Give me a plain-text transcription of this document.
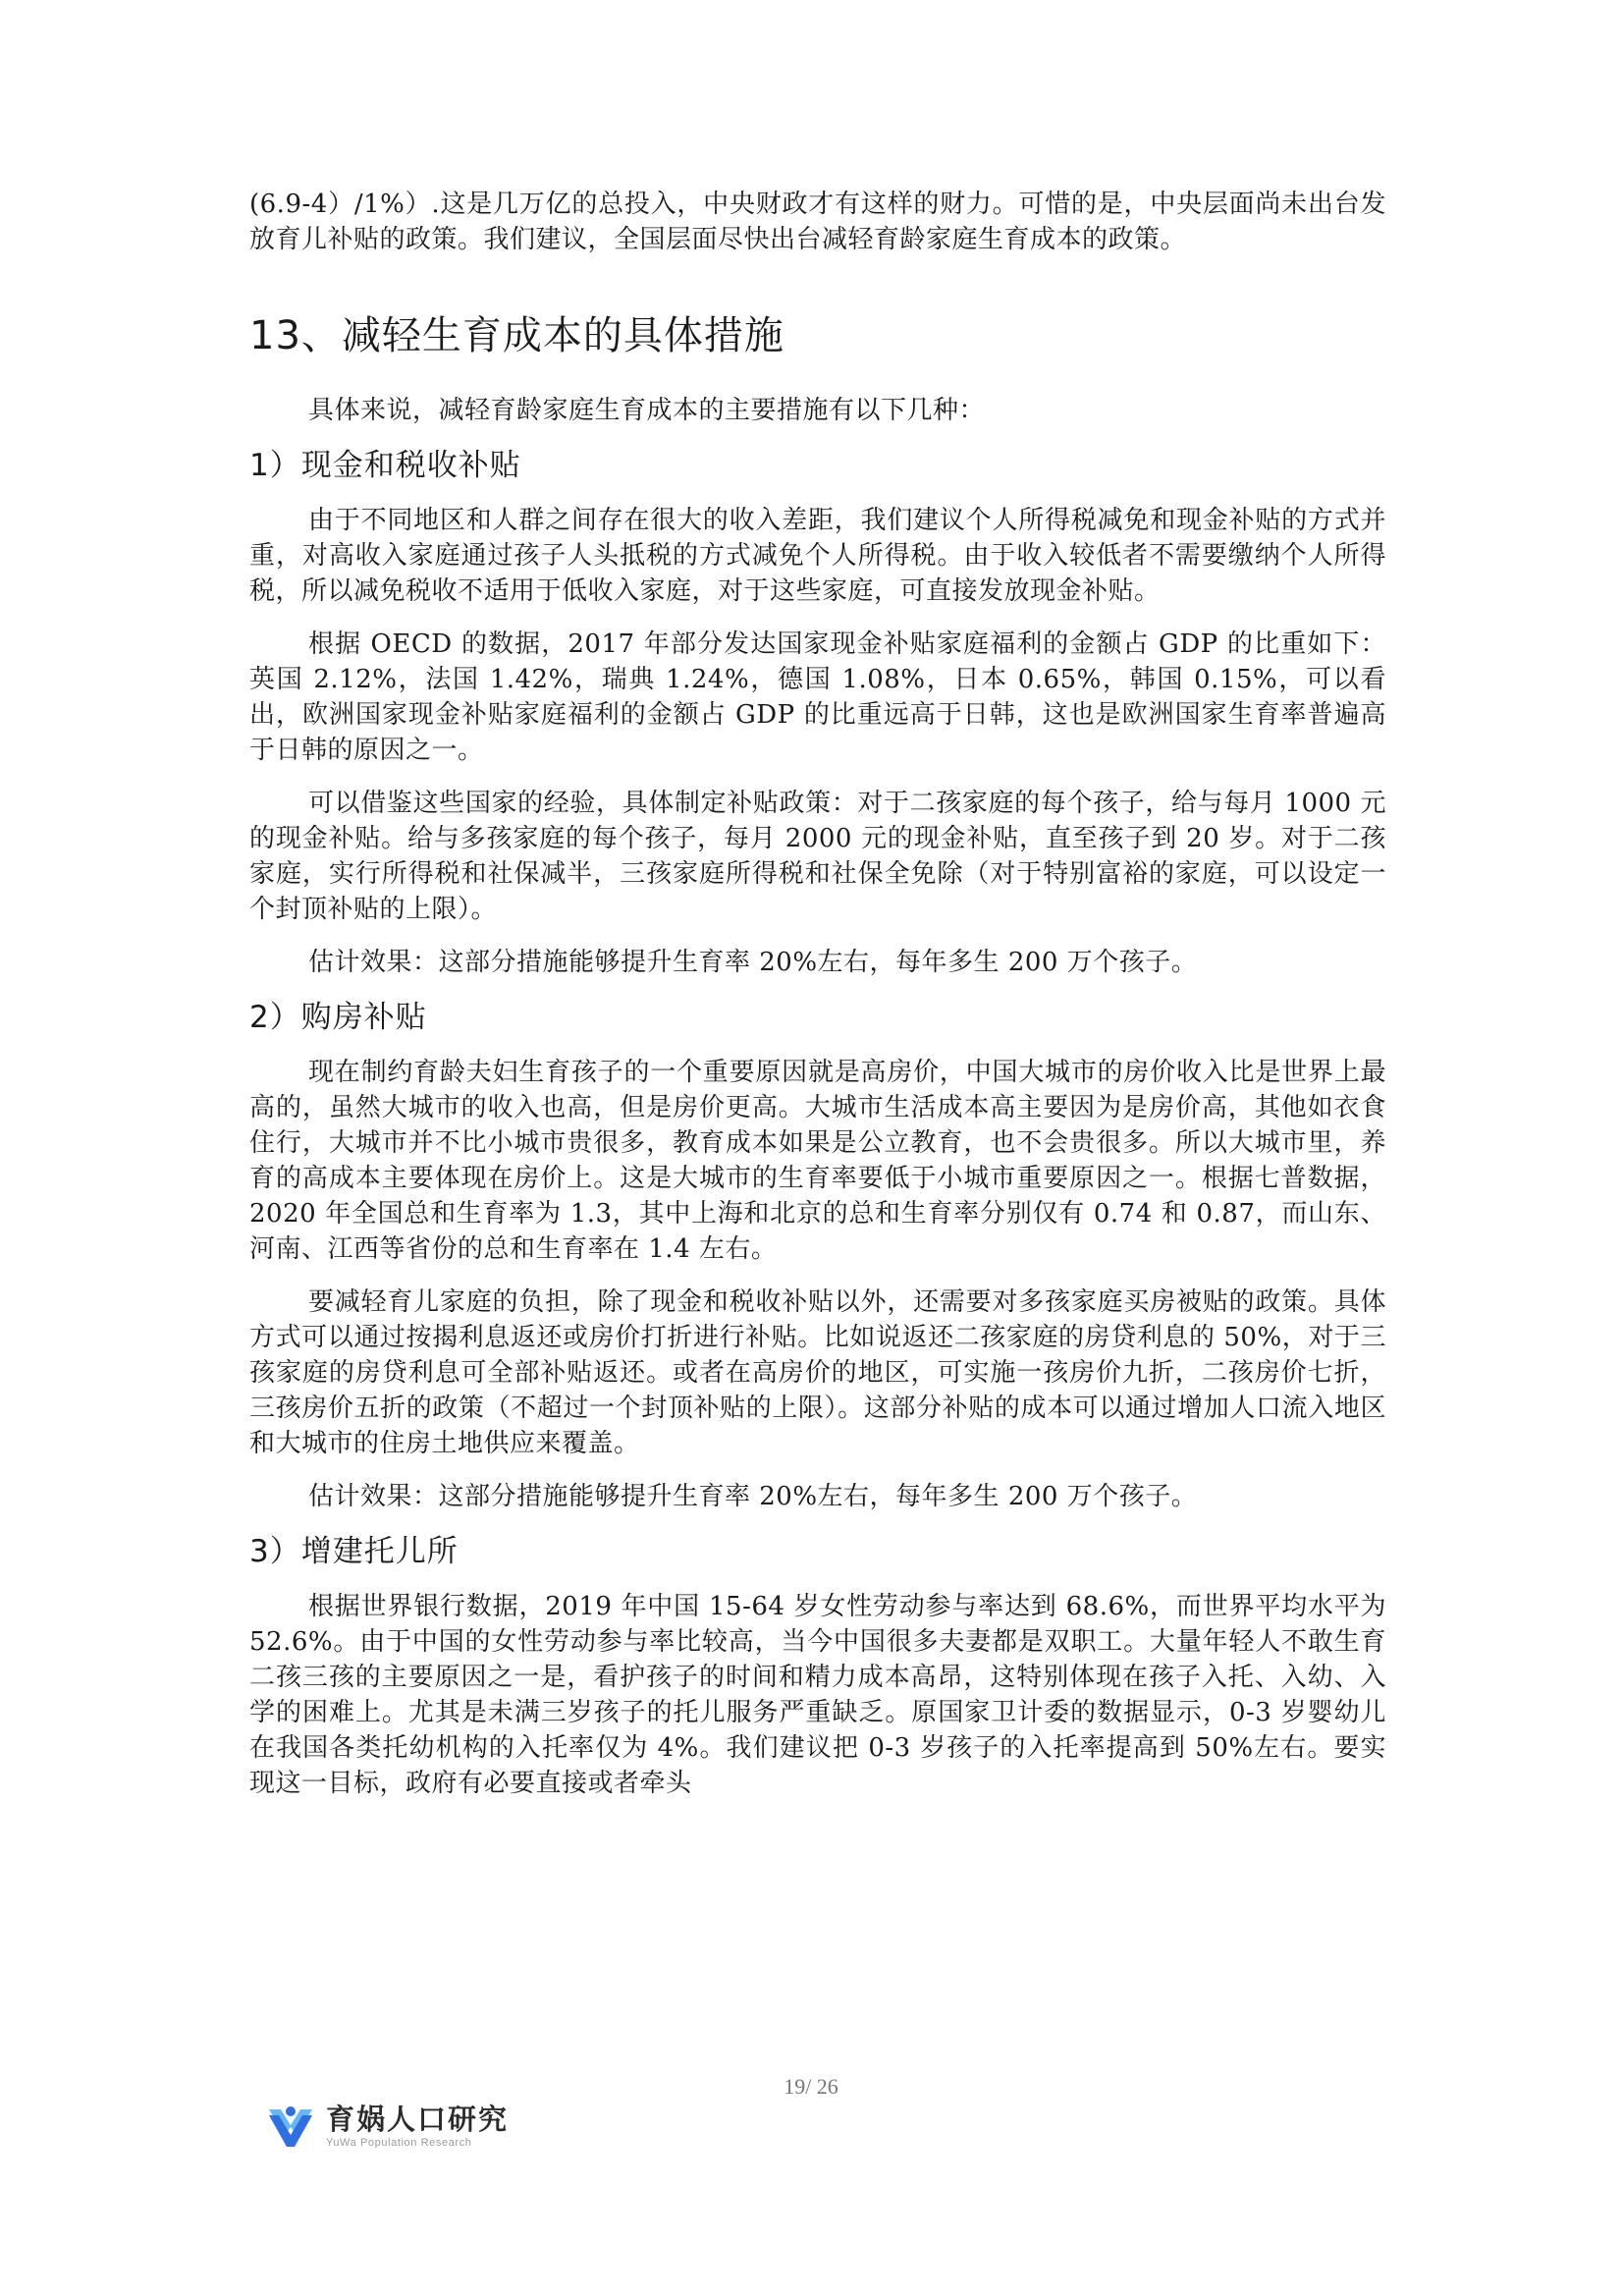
(6.9-4）/1%）.这是几万亿的总投入，中央财政才有这样的财力。可惜的是，中央层面尚未出台发放育儿补贴的政策。我们建议，全国层面尽快出台减轻育龄家庭生育成本的政策。

13、减轻生育成本的具体措施

具体来说，减轻育龄家庭生育成本的主要措施有以下几种：

1）现金和税收补贴

由于不同地区和人群之间存在很大的收入差距，我们建议个人所得税减免和现金补贴的方式并重，对高收入家庭通过孩子人头抵税的方式减免个人所得税。由于收入较低者不需要缴纳个人所得税，所以减免税收不适用于低收入家庭，对于这些家庭，可直接发放现金补贴。

根据 OECD 的数据，2017 年部分发达国家现金补贴家庭福利的金额占 GDP 的比重如下：英国 2.12%，法国 1.42%，瑞典 1.24%，德国 1.08%，日本 0.65%，韩国 0.15%，可以看出，欧洲国家现金补贴家庭福利的金额占 GDP 的比重远高于日韩，这也是欧洲国家生育率普遍高于日韩的原因之一。

可以借鉴这些国家的经验，具体制定补贴政策：对于二孩家庭的每个孩子，给与每月 1000 元的现金补贴。给与多孩家庭的每个孩子，每月 2000 元的现金补贴，直至孩子到 20 岁。对于二孩家庭，实行所得税和社保减半，三孩家庭所得税和社保全免除（对于特别富裕的家庭，可以设定一个封顶补贴的上限）。

估计效果：这部分措施能够提升生育率 20%左右，每年多生 200 万个孩子。

2）购房补贴

现在制约育龄夫妇生育孩子的一个重要原因就是高房价，中国大城市的房价收入比是世界上最高的，虽然大城市的收入也高，但是房价更高。大城市生活成本高主要因为是房价高，其他如衣食住行，大城市并不比小城市贵很多，教育成本如果是公立教育，也不会贵很多。所以大城市里，养育的高成本主要体现在房价上。这是大城市的生育率要低于小城市重要原因之一。根据七普数据，2020 年全国总和生育率为 1.3，其中上海和北京的总和生育率分别仅有 0.74 和 0.87，而山东、河南、江西等省份的总和生育率在 1.4 左右。

要减轻育儿家庭的负担，除了现金和税收补贴以外，还需要对多孩家庭买房被贴的政策。具体方式可以通过按揭利息返还或房价打折进行补贴。比如说返还二孩家庭的房贷利息的 50%，对于三孩家庭的房贷利息可全部补贴返还。或者在高房价的地区，可实施一孩房价九折，二孩房价七折，三孩房价五折的政策（不超过一个封顶补贴的上限）。这部分补贴的成本可以通过增加人口流入地区和大城市的住房土地供应来覆盖。

估计效果：这部分措施能够提升生育率 20%左右，每年多生 200 万个孩子。

3）增建托儿所

根据世界银行数据，2019 年中国 15-64 岁女性劳动参与率达到 68.6%，而世界平均水平为 52.6%。由于中国的女性劳动参与率比较高，当今中国很多夫妻都是双职工。大量年轻人不敢生育二孩三孩的主要原因之一是，看护孩子的时间和精力成本高昂，这特别体现在孩子入托、入幼、入学的困难上。尤其是未满三岁孩子的托儿服务严重缺乏。原国家卫计委的数据显示，0-3 岁婴幼儿在我国各类托幼机构的入托率仅为 4%。我们建议把 0-3 岁孩子的入托率提高到 50%左右。要实现这一目标，政府有必要直接或者牵头

19/ 26
育娲人口研究
YuWa Population Research
